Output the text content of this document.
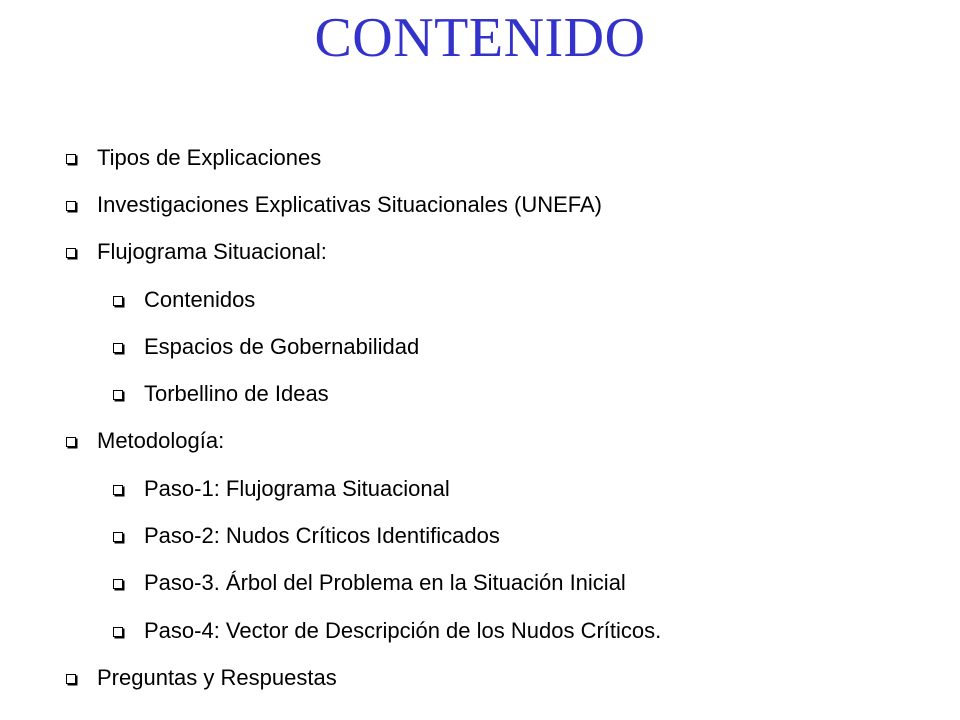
CONTENIDO
Tipos de Explicaciones
Investigaciones Explicativas Situacionales (UNEFA)
Flujograma Situacional:
Contenidos
Espacios de Gobernabilidad
Torbellino de Ideas
Metodología:
Paso-1: Flujograma Situacional
Paso-2: Nudos Críticos Identificados
Paso-3. Árbol del Problema en la Situación Inicial
Paso-4: Vector de Descripción de los Nudos Críticos.
Preguntas y Respuestas
